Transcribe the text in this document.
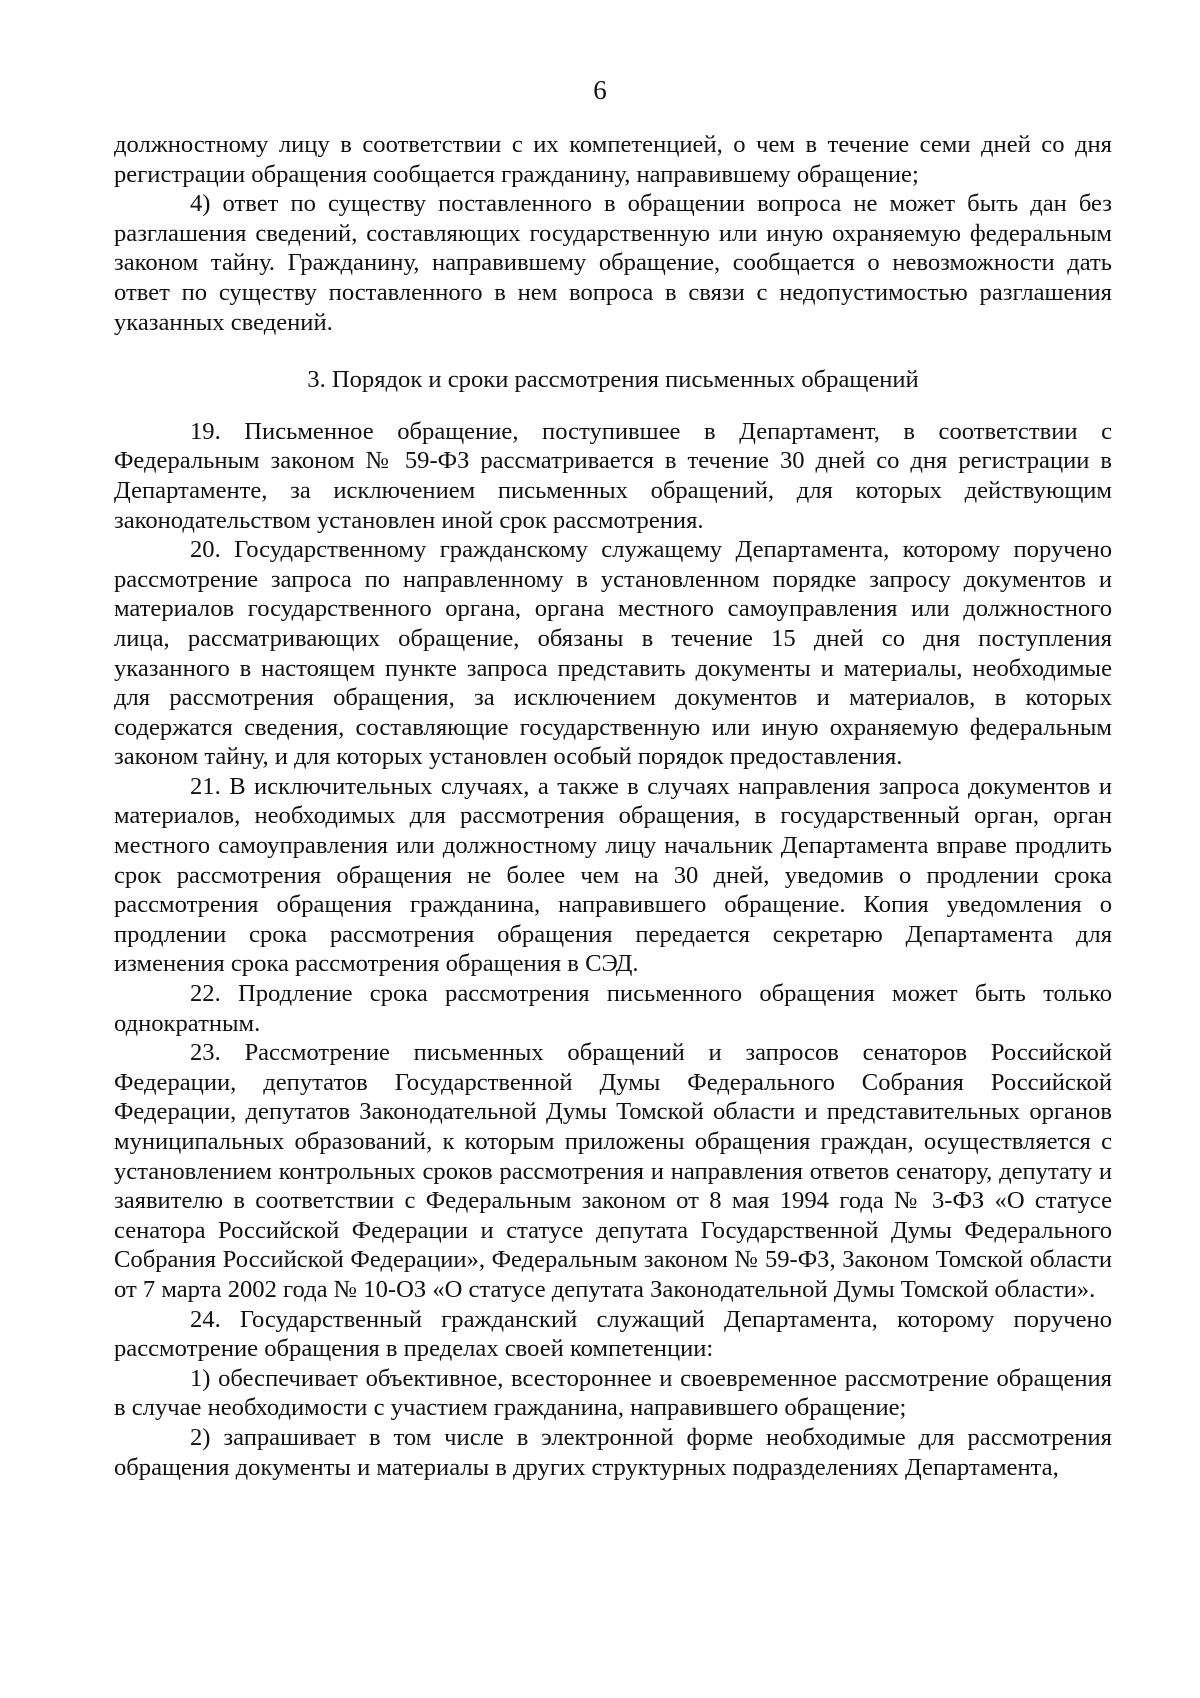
6

должностному лицу в соответствии с их компетенцией, о чем в течение семи дней со дня регистрации обращения сообщается гражданину, направившему обращение;

4) ответ по существу поставленного в обращении вопроса не может быть дан без разглашения сведений, составляющих государственную или иную охраняемую федеральным законом тайну. Гражданину, направившему обращение, сообщается о невозможности дать ответ по существу поставленного в нем вопроса в связи с недопустимостью разглашения указанных сведений.

3. Порядок и сроки рассмотрения письменных обращений

19. Письменное обращение, поступившее в Департамент, в соответствии с Федеральным законом № 59-ФЗ рассматривается в течение 30 дней со дня регистрации в Департаменте, за исключением письменных обращений, для которых действующим законодательством установлен иной срок рассмотрения.

20. Государственному гражданскому служащему Департамента, которому поручено рассмотрение запроса по направленному в установленном порядке запросу документов и материалов государственного органа, органа местного самоуправления или должностного лица, рассматривающих обращение, обязаны в течение 15 дней со дня поступления указанного в настоящем пункте запроса представить документы и материалы, необходимые для рассмотрения обращения, за исключением документов и материалов, в которых содержатся сведения, составляющие государственную или иную охраняемую федеральным законом тайну, и для которых установлен особый порядок предоставления.

21. В исключительных случаях, а также в случаях направления запроса документов и материалов, необходимых для рассмотрения обращения, в государственный орган, орган местного самоуправления или должностному лицу начальник Департамента вправе продлить срок рассмотрения обращения не более чем на 30 дней, уведомив о продлении срока рассмотрения обращения гражданина, направившего обращение. Копия уведомления о продлении срока рассмотрения обращения передается секретарю Департамента для изменения срока рассмотрения обращения в СЭД.

22. Продление срока рассмотрения письменного обращения может быть только однократным.

23. Рассмотрение письменных обращений и запросов сенаторов Российской Федерации, депутатов Государственной Думы Федерального Собрания Российской Федерации, депутатов Законодательной Думы Томской области и представительных органов муниципальных образований, к которым приложены обращения граждан, осуществляется с установлением контрольных сроков рассмотрения и направления ответов сенатору, депутату и заявителю в соответствии с Федеральным законом от 8 мая 1994 года № 3-ФЗ «О статусе сенатора Российской Федерации и статусе депутата Государственной Думы Федерального Собрания Российской Федерации», Федеральным законом № 59-ФЗ, Законом Томской области от 7 марта 2002 года № 10-ОЗ «О статусе депутата Законодательной Думы Томской области».

24. Государственный гражданский служащий Департамента, которому поручено рассмотрение обращения в пределах своей компетенции:

1) обеспечивает объективное, всестороннее и своевременное рассмотрение обращения в случае необходимости с участием гражданина, направившего обращение;

2) запрашивает в том числе в электронной форме необходимые для рассмотрения обращения документы и материалы в других структурных подразделениях Департамента,
